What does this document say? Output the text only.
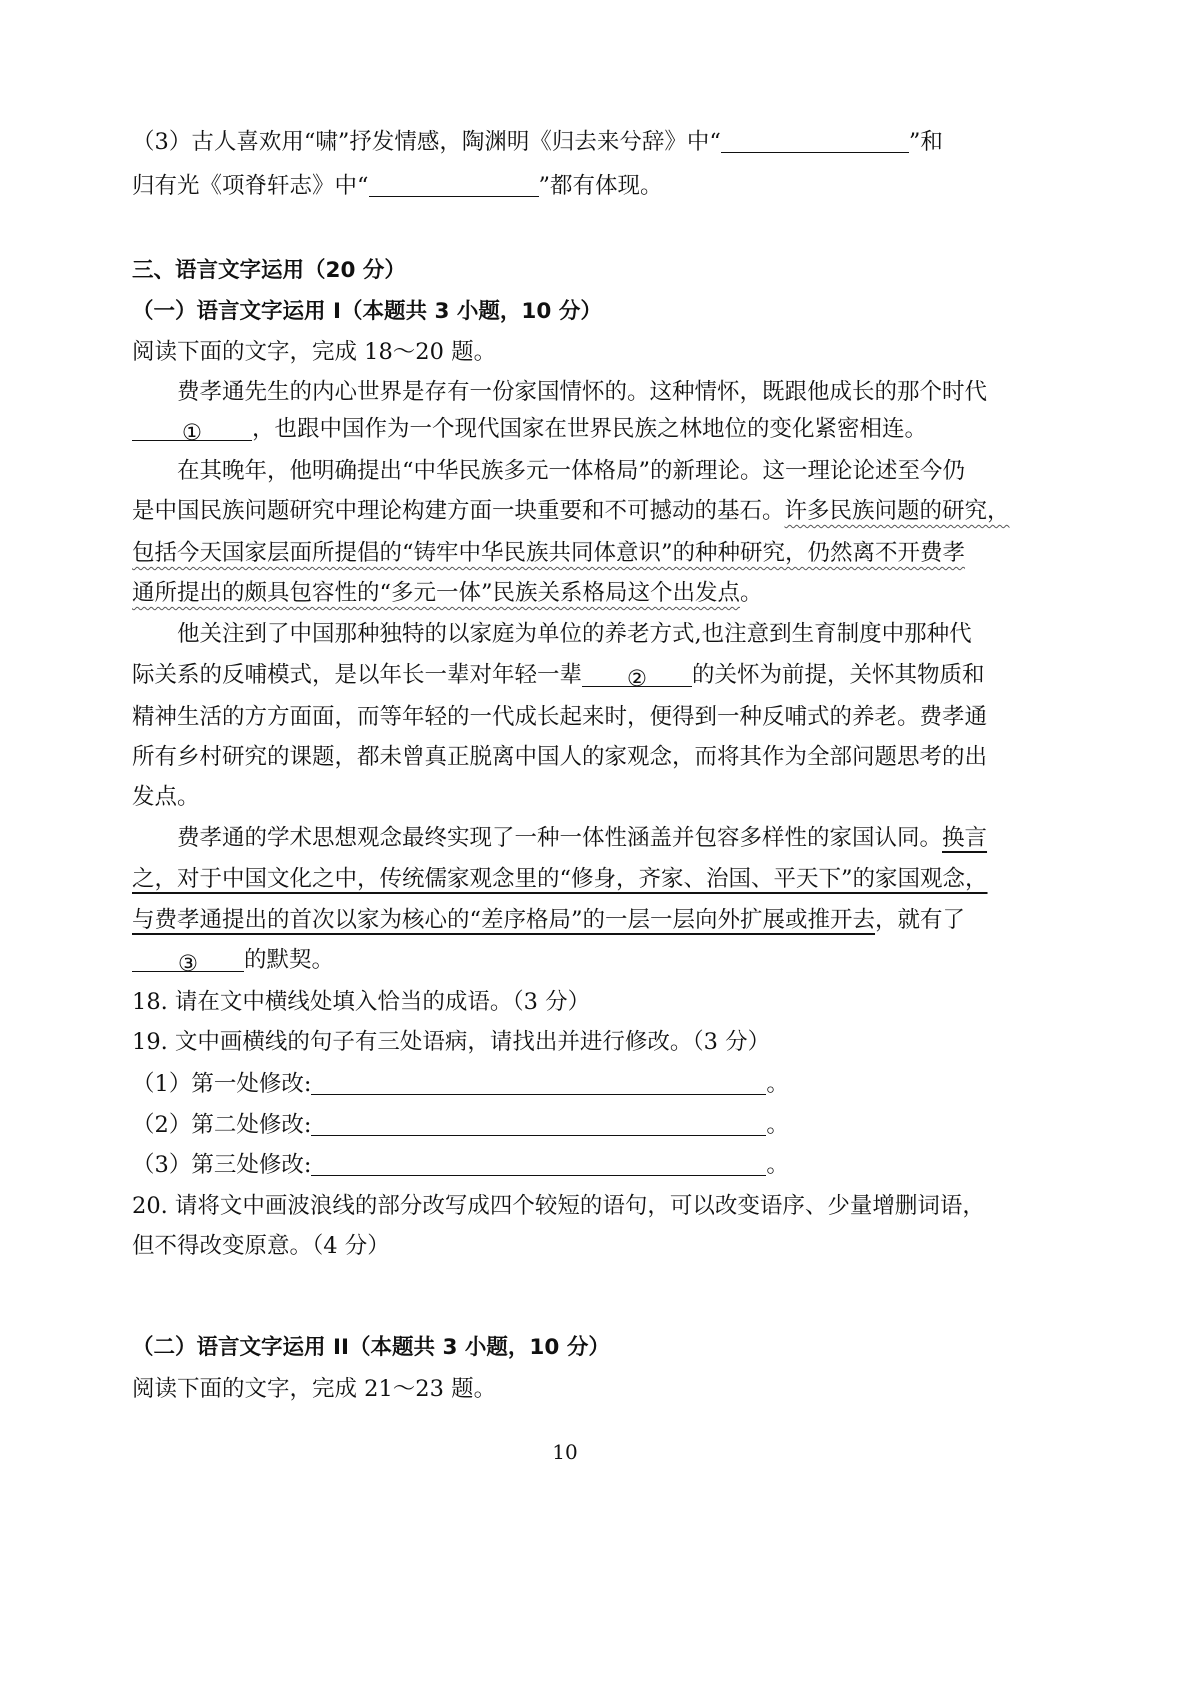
（3）古人喜欢用“啸”抒发情感，陶渊明《归去来兮辞》中“	”和
归有光《项脊轩志》中“	”都有体现。
三、语言文字运用（20 分）
（一）语言文字运用 I（本题共 3 小题，10 分）
阅读下面的文字，完成 18～20 题。
费孝通先生的内心世界是存有一份家国情怀的。这种情怀，既跟他成长的那个时代
① ，也跟中国作为一个现代国家在世界民族之林地位的变化紧密相连。
在其晚年，他明确提出“中华民族多元一体格局”的新理论。这一理论论述至今仍
是中国民族问题研究中理论构建方面一块重要和不可撼动的基石。许多民族问题的研究，
包括今天国家层面所提倡的“铸牢中华民族共同体意识”的种种研究，仍然离不开费孝
通所提出的颇具包容性的“多元一体”民族关系格局这个出发点。
他关注到了中国那种独特的以家庭为单位的养老方式,也注意到生育制度中那种代
际关系的反哺模式，是以年长一辈对年轻一辈 ② 的关怀为前提，关怀其物质和
精神生活的方方面面，而等年轻的一代成长起来时，便得到一种反哺式的养老。费孝通
所有乡村研究的课题，都未曾真正脱离中国人的家观念，而将其作为全部问题思考的出
发点。
费孝通的学术思想观念最终实现了一种一体性涵盖并包容多样性的家国认同。换言
之，对于中国文化之中，传统儒家观念里的“修身，齐家、治国、平天下”的家国观念，
与费孝通提出的首次以家为核心的“差序格局”的一层一层向外扩展或推开去，就有了
③ 的默契。
18. 请在文中横线处填入恰当的成语。（3 分）
19. 文中画横线的句子有三处语病，请找出并进行修改。（3 分）
（1）第一处修改:	。
（2）第二处修改:	。
（3）第三处修改:	。
20. 请将文中画波浪线的部分改写成四个较短的语句，可以改变语序、少量增删词语，
但不得改变原意。（4 分）
（二）语言文字运用 II（本题共 3 小题，10 分）
阅读下面的文字，完成 21～23 题。
10
